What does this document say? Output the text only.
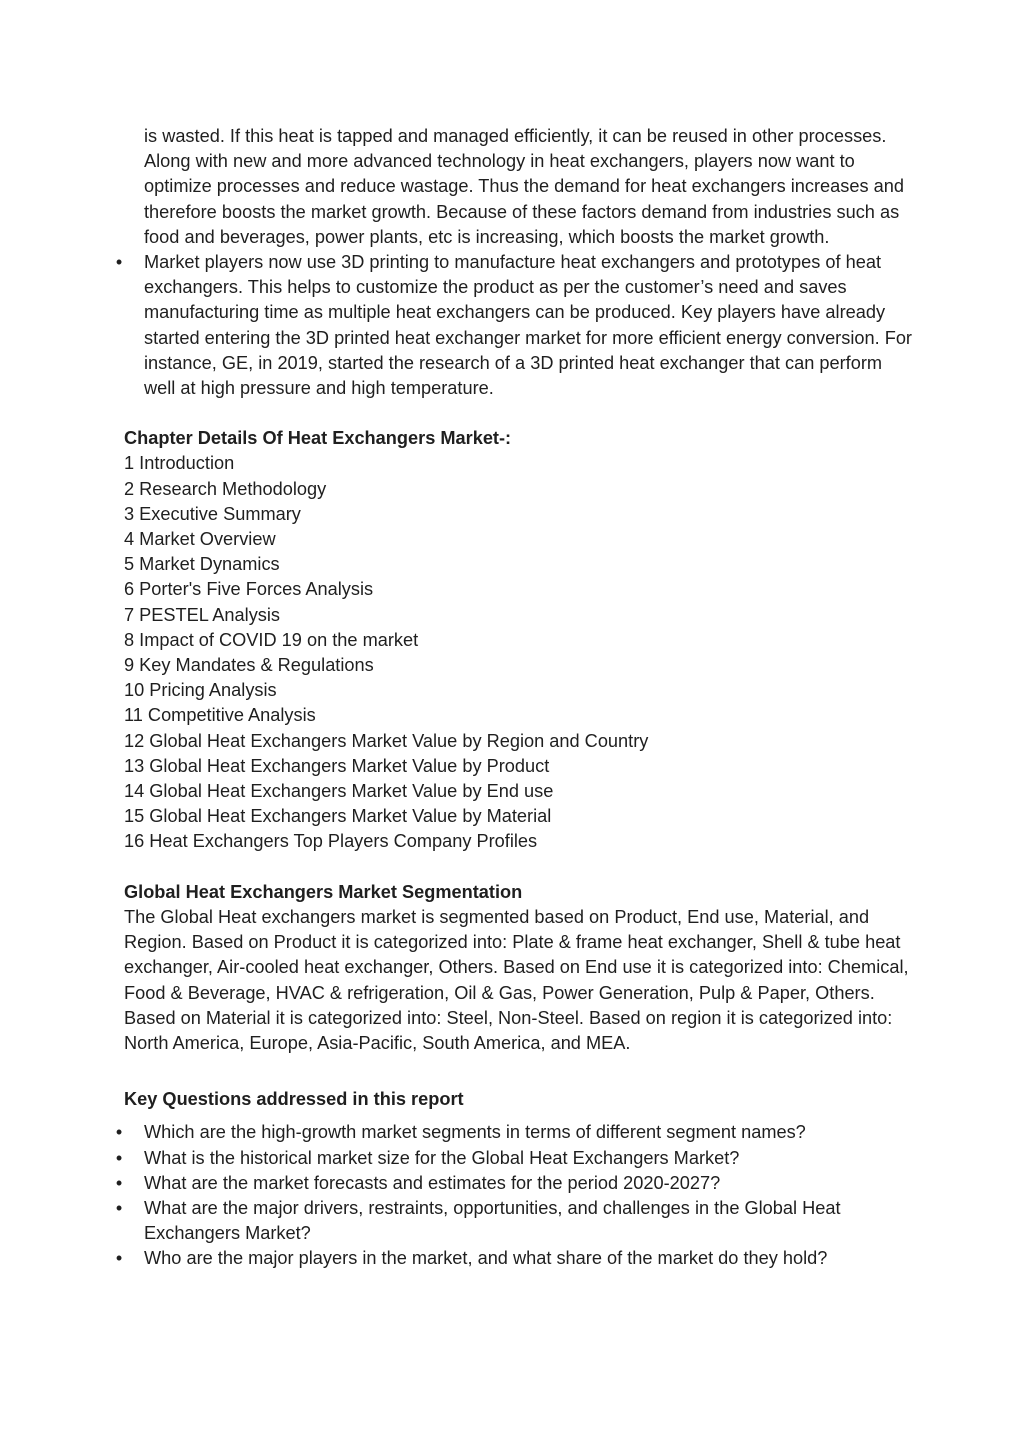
is wasted. If this heat is tapped and managed efficiently, it can be reused in other processes. Along with new and more advanced technology in heat exchangers, players now want to optimize processes and reduce wastage. Thus the demand for heat exchangers increases and therefore boosts the market growth. Because of these factors demand from industries such as food and beverages, power plants, etc is increasing, which boosts the market growth.
• Market players now use 3D printing to manufacture heat exchangers and prototypes of heat exchangers. This helps to customize the product as per the customer’s need and saves manufacturing time as multiple heat exchangers can be produced. Key players have already started entering the 3D printed heat exchanger market for more efficient energy conversion. For instance, GE, in 2019, started the research of a 3D printed heat exchanger that can perform well at high pressure and high temperature.
Chapter Details Of Heat Exchangers Market-:
1 Introduction
2 Research Methodology
3 Executive Summary
4 Market Overview
5 Market Dynamics
6 Porter's Five Forces Analysis
7 PESTEL Analysis
8 Impact of COVID 19 on the market
9 Key Mandates & Regulations
10 Pricing Analysis
11 Competitive Analysis
12 Global Heat Exchangers Market Value by Region and Country
13 Global Heat Exchangers Market Value by Product
14 Global Heat Exchangers Market Value by End use
15 Global Heat Exchangers Market Value by Material
16 Heat Exchangers Top Players Company Profiles
Global Heat Exchangers Market Segmentation

The Global Heat exchangers market is segmented based on Product, End use, Material, and Region. Based on Product it is categorized into: Plate & frame heat exchanger, Shell & tube heat exchanger, Air-cooled heat exchanger, Others. Based on End use it is categorized into: Chemical, Food & Beverage, HVAC & refrigeration, Oil & Gas, Power Generation, Pulp & Paper, Others. Based on Material it is categorized into: Steel, Non-Steel. Based on region it is categorized into: North America, Europe, Asia-Pacific, South America, and MEA.

Key Questions addressed in this report
• Which are the high-growth market segments in terms of different segment names?
• What is the historical market size for the Global Heat Exchangers Market?
• What are the market forecasts and estimates for the period 2020-2027?
• What are the major drivers, restraints, opportunities, and challenges in the Global Heat Exchangers Market?
• Who are the major players in the market, and what share of the market do they hold?
